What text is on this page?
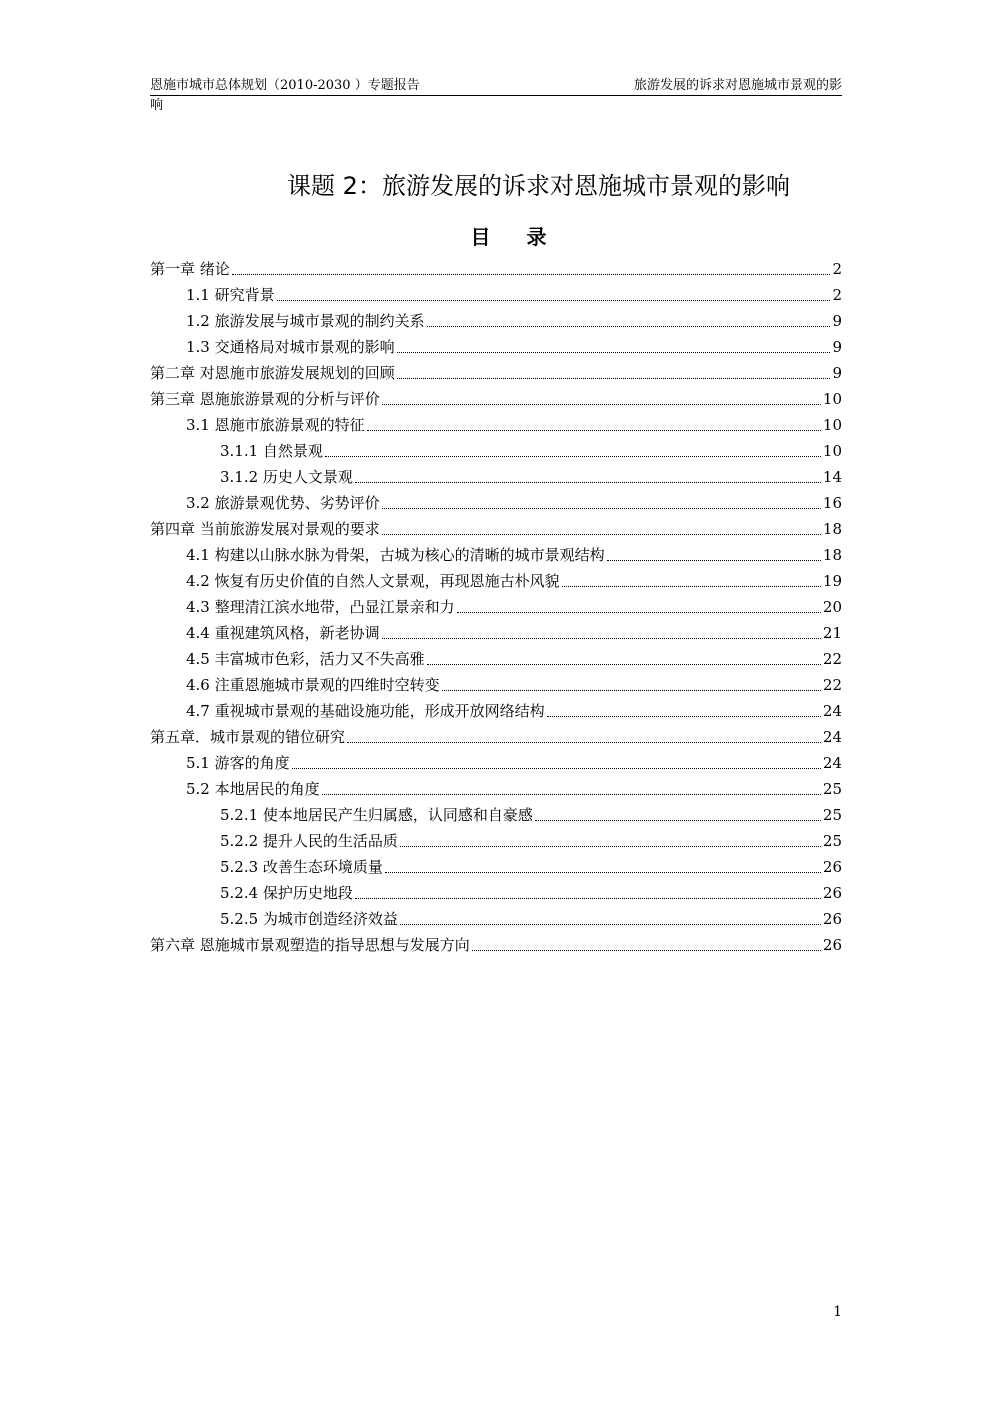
恩施市城市总体规划（2010-2030 ）专题报告	旅游发展的诉求对恩施城市景观的影
响
课题 2：旅游发展的诉求对恩施城市景观的影响
目录
第一章 绪论	2
1.1 研究背景	2
1.2 旅游发展与城市景观的制约关系	9
1.3 交通格局对城市景观的影响	9
第二章 对恩施市旅游发展规划的回顾	9
第三章 恩施旅游景观的分析与评价	10
3.1 恩施市旅游景观的特征	10
3.1.1 自然景观	10
3.1.2 历史人文景观	14
3.2 旅游景观优势、劣势评价	16
第四章 当前旅游发展对景观的要求	18
4.1 构建以山脉水脉为骨架，古城为核心的清晰的城市景观结构	18
4.2 恢复有历史价值的自然人文景观，再现恩施古朴风貌	19
4.3 整理清江滨水地带，凸显江景亲和力	20
4.4 重视建筑风格，新老协调	21
4.5 丰富城市色彩，活力又不失高雅	22
4.6 注重恩施城市景观的四维时空转变	22
4.7 重视城市景观的基础设施功能，形成开放网络结构	24
第五章．城市景观的错位研究	24
5.1 游客的角度	24
5.2 本地居民的角度	25
5.2.1 使本地居民产生归属感，认同感和自豪感	25
5.2.2 提升人民的生活品质	25
5.2.3 改善生态环境质量	26
5.2.4 保护历史地段	26
5.2.5 为城市创造经济效益	26
第六章 恩施城市景观塑造的指导思想与发展方向	26
1
